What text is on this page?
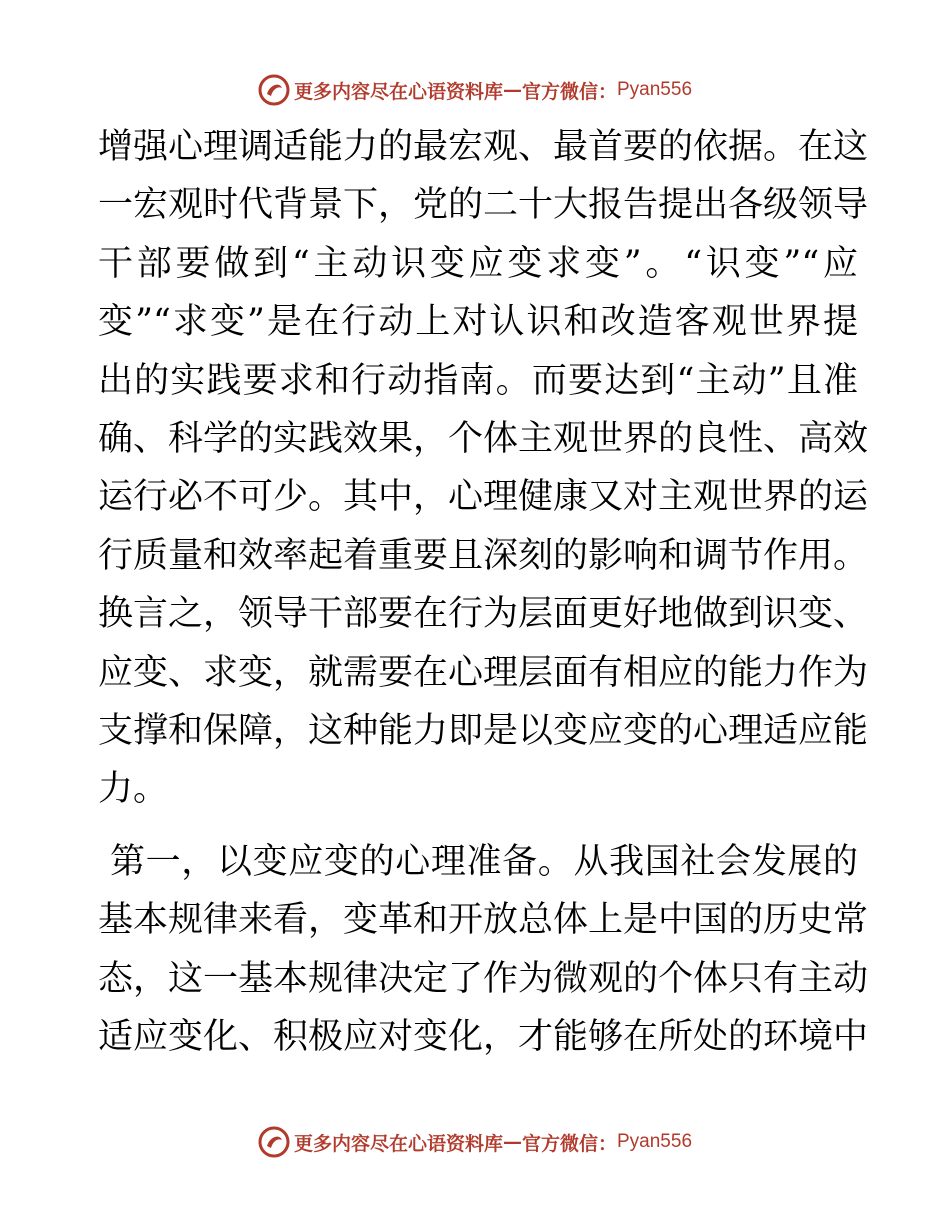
更多内容尽在心语资料库 — 官方微信： Pyan556
增强心理调适能力的最宏观、最首要的依据。在这
一宏观时代背景下，党的二十大报告提出各级领导
干部要做到“主动识变应变求变”。“识变”“应
变”“求变”是在行动上对认识和改造客观世界提
出的实践要求和行动指南。而要达到“主动”且准
确、科学的实践效果，个体主观世界的良性、高效
运行必不可少。其中，心理健康又对主观世界的运
行质量和效率起着重要且深刻的影响和调节作用。
换言之，领导干部要在行为层面更好地做到识变、
应变、求变，就需要在心理层面有相应的能力作为
支撑和保障，这种能力即是以变应变的心理适应能
力。
第一，以变应变的心理准备。从我国社会发展的
基本规律来看，变革和开放总体上是中国的历史常
态，这一基本规律决定了作为微观的个体只有主动
适应变化、积极应对变化，才能够在所处的环境中
更多内容尽在心语资料库 — 官方微信： Pyan556
